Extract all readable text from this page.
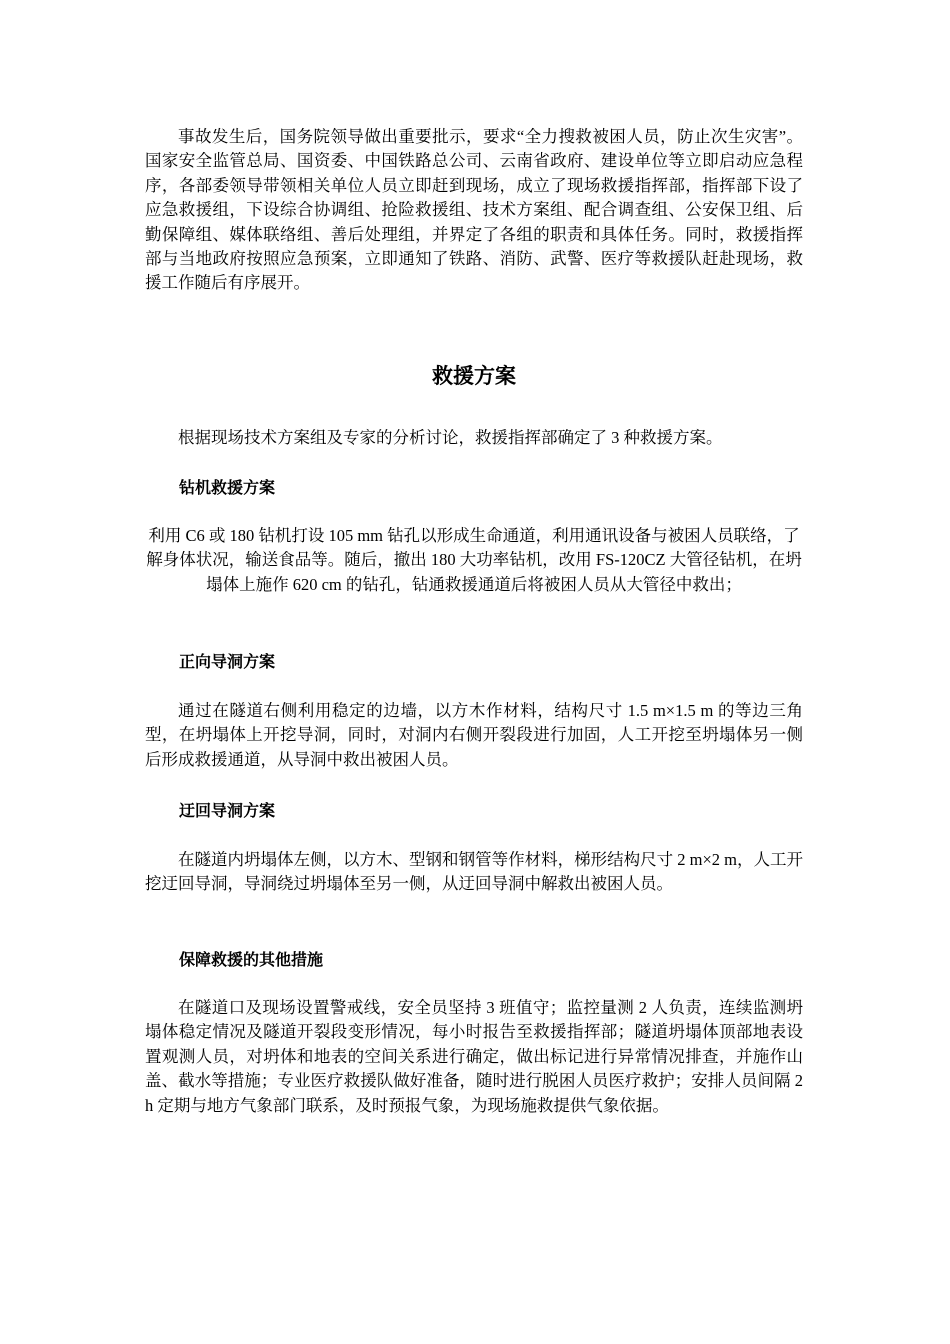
事故发生后，国务院领导做出重要批示，要求“全力搜救被困人员，防止次生灾害”。国家安全监管总局、国资委、中国铁路总公司、云南省政府、建设单位等立即启动应急程序，各部委领导带领相关单位人员立即赶到现场，成立了现场救援指挥部，指挥部下设了应急救援组，下设综合协调组、抢险救援组、技术方案组、配合调查组、公安保卫组、后勤保障组、媒体联络组、善后处理组，并界定了各组的职责和具体任务。同时，救援指挥部与当地政府按照应急预案，立即通知了铁路、消防、武警、医疗等救援队赶赴现场，救援工作随后有序展开。

救援方案

根据现场技术方案组及专家的分析讨论，救援指挥部确定了 3 种救援方案。

钻机救援方案

利用 C6 或 180 钻机打设 105 mm 钻孔以形成生命通道，利用通讯设备与被困人员联络，了解身体状况，输送食品等。随后，撤出 180 大功率钻机，改用 FS-120CZ 大管径钻机，在坍塌体上施作 620 cm 的钻孔，钻通救援通道后将被困人员从大管径中救出；

正向导洞方案

通过在隧道右侧利用稳定的边墙，以方木作材料，结构尺寸 1.5 m×1.5 m 的等边三角型，在坍塌体上开挖导洞，同时，对洞内右侧开裂段进行加固，人工开挖至坍塌体另一侧后形成救援通道，从导洞中救出被困人员。

迂回导洞方案

在隧道内坍塌体左侧，以方木、型钢和钢管等作材料，梯形结构尺寸 2 m×2 m，人工开挖迂回导洞，导洞绕过坍塌体至另一侧，从迂回导洞中解救出被困人员。

保障救援的其他措施

在隧道口及现场设置警戒线，安全员坚持 3 班值守；监控量测 2 人负责，连续监测坍塌体稳定情况及隧道开裂段变形情况，每小时报告至救援指挥部；隧道坍塌体顶部地表设置观测人员，对坍体和地表的空间关系进行确定，做出标记进行异常情况排查，并施作山盖、截水等措施；专业医疗救援队做好准备，随时进行脱困人员医疗救护；安排人员间隔 2 h 定期与地方气象部门联系，及时预报气象，为现场施救提供气象依据。
